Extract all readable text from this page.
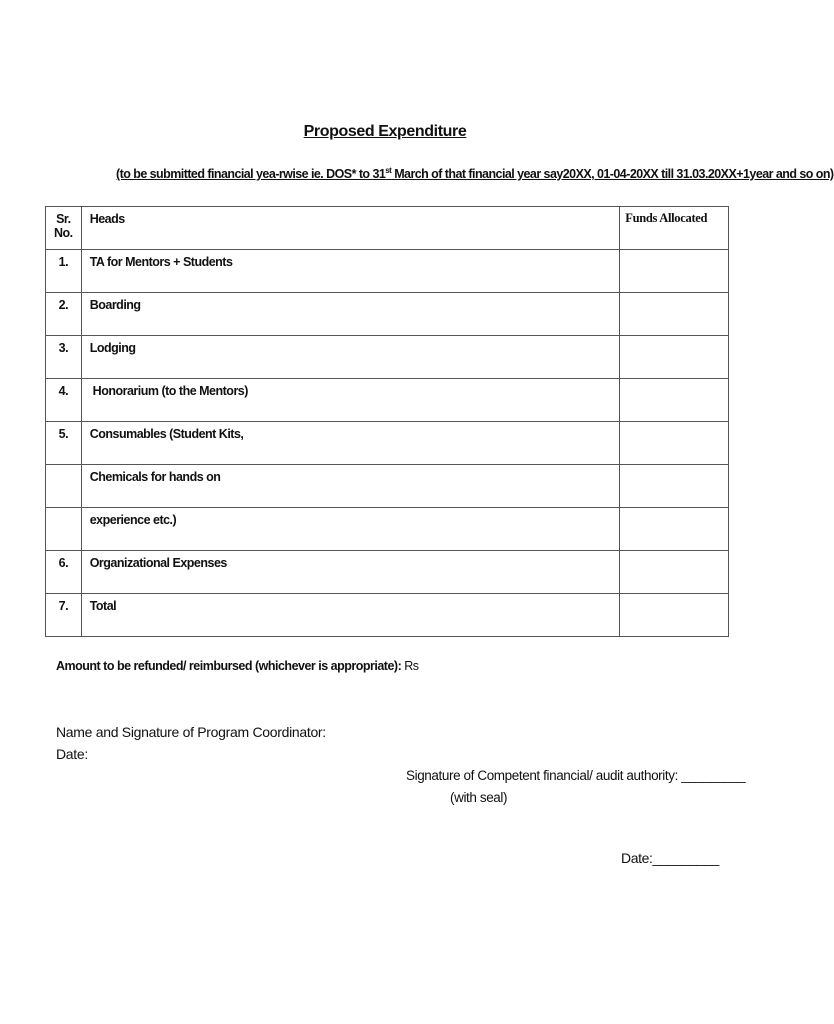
Proposed Expenditure
(to be submitted financial yea-rwise ie. DOS* to 31st March of that financial year say20XX, 01-04-20XX till 31.03.20XX+1year and so on)
Sr. No.	Heads	Funds Allocated

1.	TA for Mentors + Students	

2.	Boarding	

3.	Lodging	

4.	Honorarium (to the Mentors)	

5.	Consumables (Student Kits,	

	Chemicals for hands on	

	experience etc.)	

6.	Organizational Expenses	

7.	Total	

Amount to be refunded/ reimbursed (whichever is appropriate): Rs
Name and Signature of Program Coordinator:
Date:
Signature of Competent financial/ audit authority: _________
(with seal)
Date:_________
